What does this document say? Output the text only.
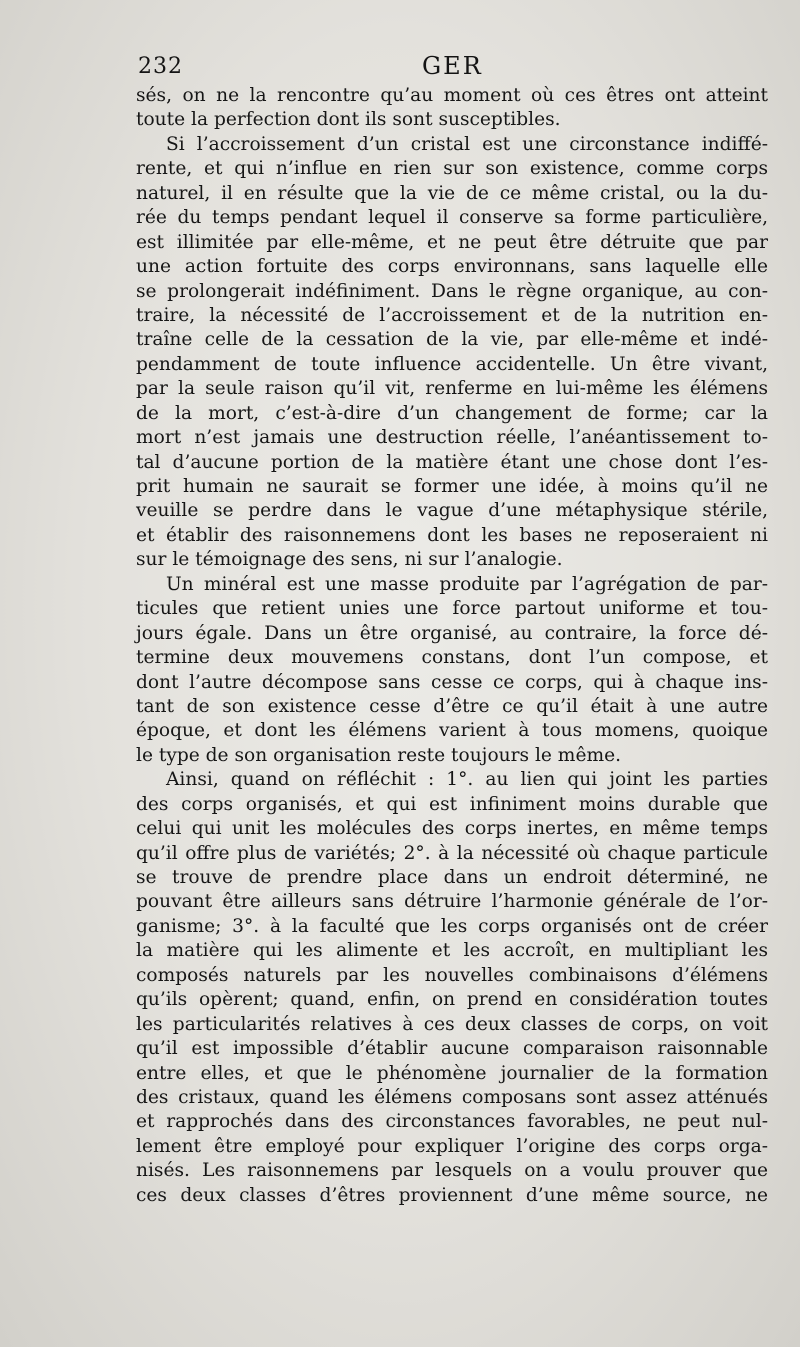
232	GER
sés, on ne la rencontre qu’au moment où ces êtres ont atteint
toute la perfection dont ils sont susceptibles.
Si l’accroissement d’un cristal est une circonstance indiffé-
rente, et qui n’influe en rien sur son existence, comme corps
naturel, il en résulte que la vie de ce même cristal, ou la du-
rée du temps pendant lequel il conserve sa forme particulière,
est illimitée par elle-même, et ne peut être détruite que par
une action fortuite des corps environnans, sans laquelle elle
se prolongerait indéfiniment. Dans le règne organique, au con-
traire, la nécessité de l’accroissement et de la nutrition en-
traîne celle de la cessation de la vie, par elle-même et indé-
pendamment de toute influence accidentelle. Un être vivant,
par la seule raison qu’il vit, renferme en lui-même les élémens
de la mort, c’est-à-dire d’un changement de forme; car la
mort n’est jamais une destruction réelle, l’anéantissement to-
tal d’aucune portion de la matière étant une chose dont l’es-
prit humain ne saurait se former une idée, à moins qu’il ne
veuille se perdre dans le vague d’une métaphysique stérile,
et établir des raisonnemens dont les bases ne reposeraient ni
sur le témoignage des sens, ni sur l’analogie.
Un minéral est une masse produite par l’agrégation de par-
ticules que retient unies une force partout uniforme et tou-
jours égale. Dans un être organisé, au contraire, la force dé-
termine deux mouvemens constans, dont l’un compose, et
dont l’autre décompose sans cesse ce corps, qui à chaque ins-
tant de son existence cesse d’être ce qu’il était à une autre
époque, et dont les élémens varient à tous momens, quoique
le type de son organisation reste toujours le même.
Ainsi, quand on réfléchit : 1°. au lien qui joint les parties
des corps organisés, et qui est infiniment moins durable que
celui qui unit les molécules des corps inertes, en même temps
qu’il offre plus de variétés; 2°. à la nécessité où chaque particule
se trouve de prendre place dans un endroit déterminé, ne
pouvant être ailleurs sans détruire l’harmonie générale de l’or-
ganisme; 3°. à la faculté que les corps organisés ont de créer
la matière qui les alimente et les accroît, en multipliant les
composés naturels par les nouvelles combinaisons d’élémens
qu’ils opèrent; quand, enfin, on prend en considération toutes
les particularités relatives à ces deux classes de corps, on voit
qu’il est impossible d’établir aucune comparaison raisonnable
entre elles, et que le phénomène journalier de la formation
des cristaux, quand les élémens composans sont assez atténués
et rapprochés dans des circonstances favorables, ne peut nul-
lement être employé pour expliquer l’origine des corps orga-
nisés. Les raisonnemens par lesquels on a voulu prouver que
ces deux classes d’êtres proviennent d’une même source, ne
